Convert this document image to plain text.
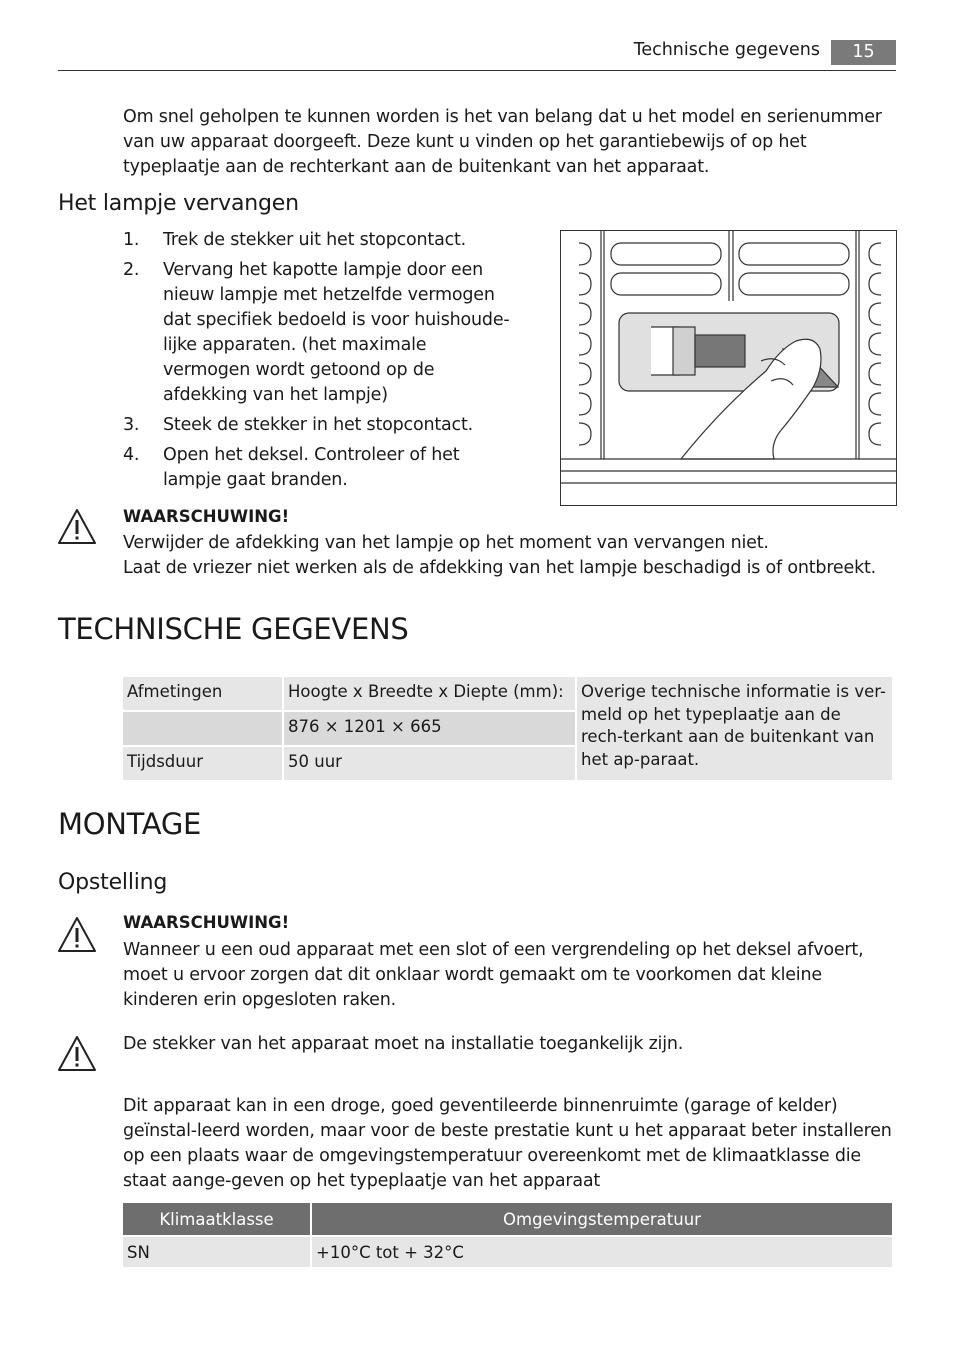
Technische gegevens	15
Om snel geholpen te kunnen worden is het van belang dat u het model en serienummer van uw apparaat doorgeeft. Deze kunt u vinden op het garantiebewijs of op het typeplaatje aan de rechterkant aan de buitenkant van het apparaat.
Het lampje vervangen
1. Trek de stekker uit het stopcontact.
2. Vervang het kapotte lampje door een nieuw lampje met hetzelfde vermogen dat specifiek bedoeld is voor huishoude-lijke apparaten. (het maximale vermogen wordt getoond op de afdekking van het lampje)
3. Steek de stekker in het stopcontact.
4. Open het deksel. Controleer of het lampje gaat branden.
WAARSCHUWING!
Verwijder de afdekking van het lampje op het moment van vervangen niet.
Laat de vriezer niet werken als de afdekking van het lampje beschadigd is of ontbreekt.
TECHNISCHE GEGEVENS
Afmetingen	Hoogte x Breedte x Diepte (mm):	Overige technische informatie is ver-meld op het typeplaatje aan de rech-terkant aan de buitenkant van het ap-paraat.
	876 × 1201 × 665	
Tijdsduur	50 uur	
MONTAGE
Opstelling
WAARSCHUWING!
Wanneer u een oud apparaat met een slot of een vergrendeling op het deksel afvoert, moet u ervoor zorgen dat dit onklaar wordt gemaakt om te voorkomen dat kleine kinderen erin opgesloten raken.
De stekker van het apparaat moet na installatie toegankelijk zijn.
Dit apparaat kan in een droge, goed geventileerde binnenruimte (garage of kelder) geïnstal-leerd worden, maar voor de beste prestatie kunt u het apparaat beter installeren op een plaats waar de omgevingstemperatuur overeenkomt met de klimaatklasse die staat aange-geven op het typeplaatje van het apparaat
Klimaatklasse	Omgevingstemperatuur
SN	+10°C tot + 32°C
